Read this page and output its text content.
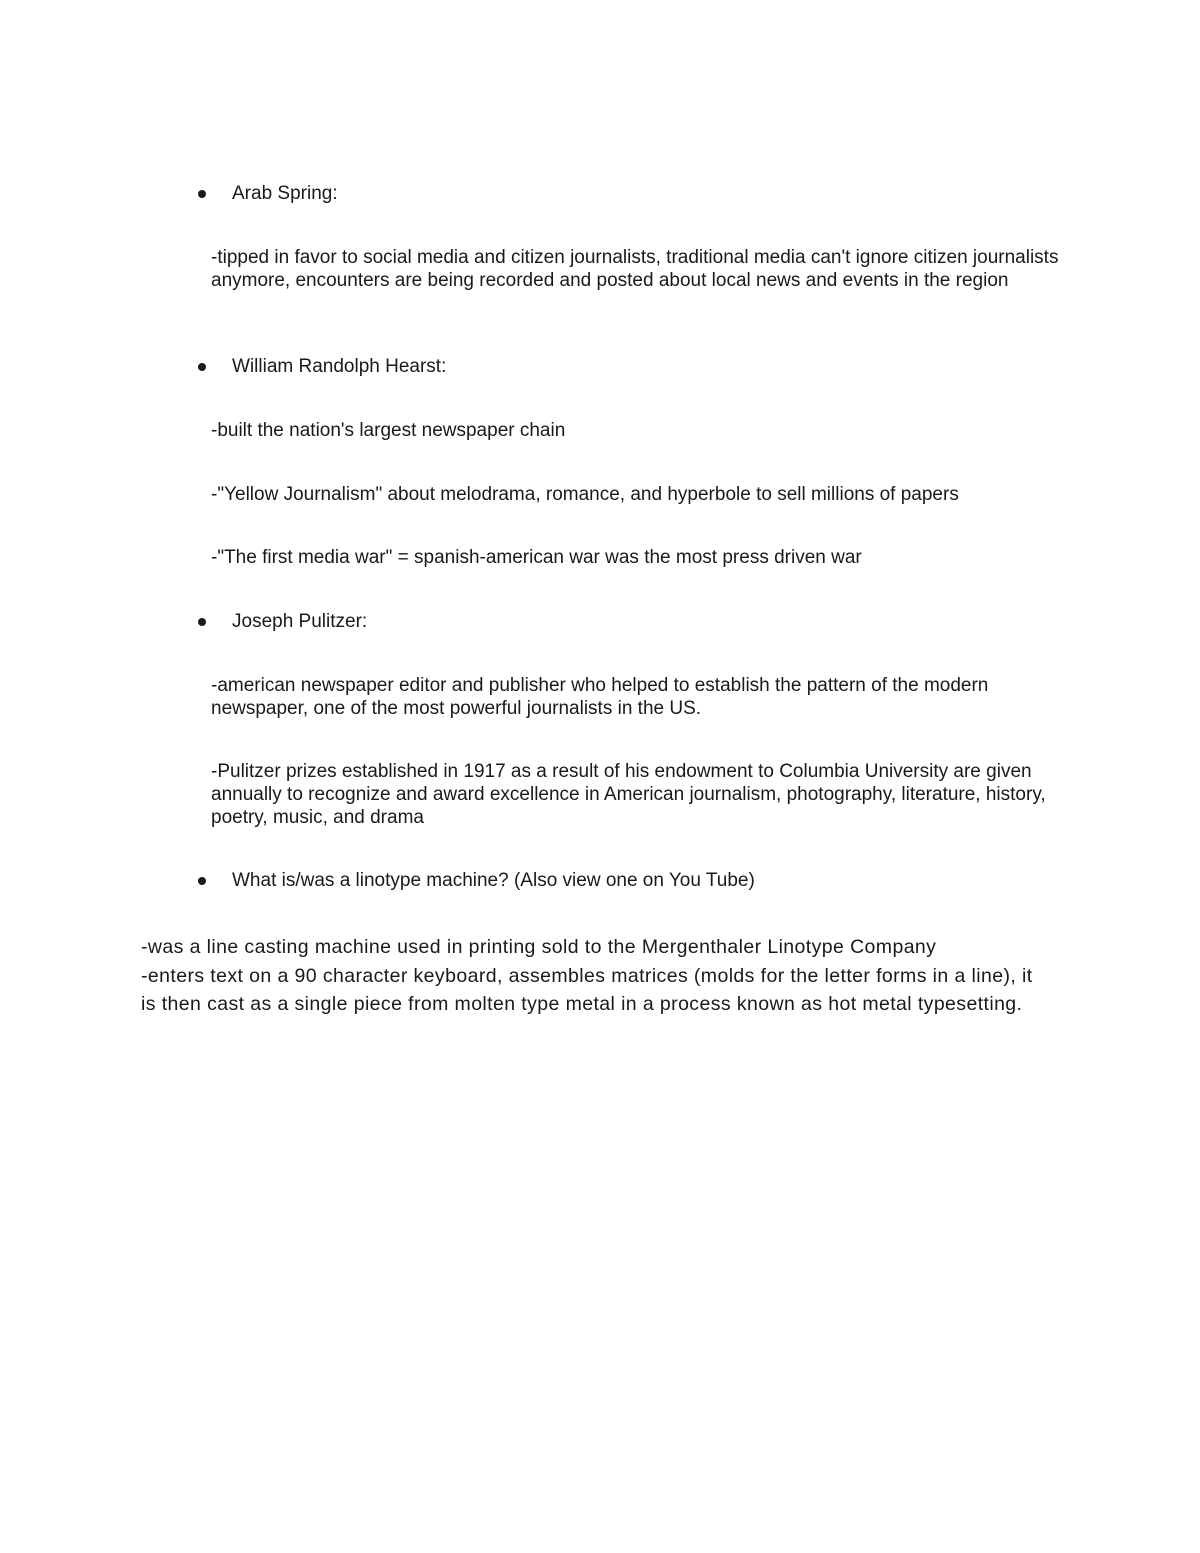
Arab Spring:
-tipped in favor to social media and citizen journalists, traditional media can't ignore citizen journalists anymore, encounters are being recorded and posted about local news and events in the region
William Randolph Hearst:
-built the nation's largest newspaper chain
-"Yellow Journalism" about melodrama, romance, and hyperbole to sell millions of papers
-"The first media war" = spanish-american war was the most press driven war
Joseph Pulitzer:
-american newspaper editor and publisher who helped to establish the pattern of the modern newspaper, one of the most powerful journalists in the US.
-Pulitzer prizes established in 1917 as a result of his endowment to Columbia University are given annually to recognize and award excellence in American journalism, photography, literature, history, poetry, music, and drama
What is/was a linotype machine? (Also view one on You Tube)

-was a line casting machine used in printing sold to the Mergenthaler Linotype Company

-enters text on a 90 character keyboard, assembles matrices (molds for the letter forms in a line), it is then cast as a single piece from molten type metal in a process known as hot metal typesetting.
